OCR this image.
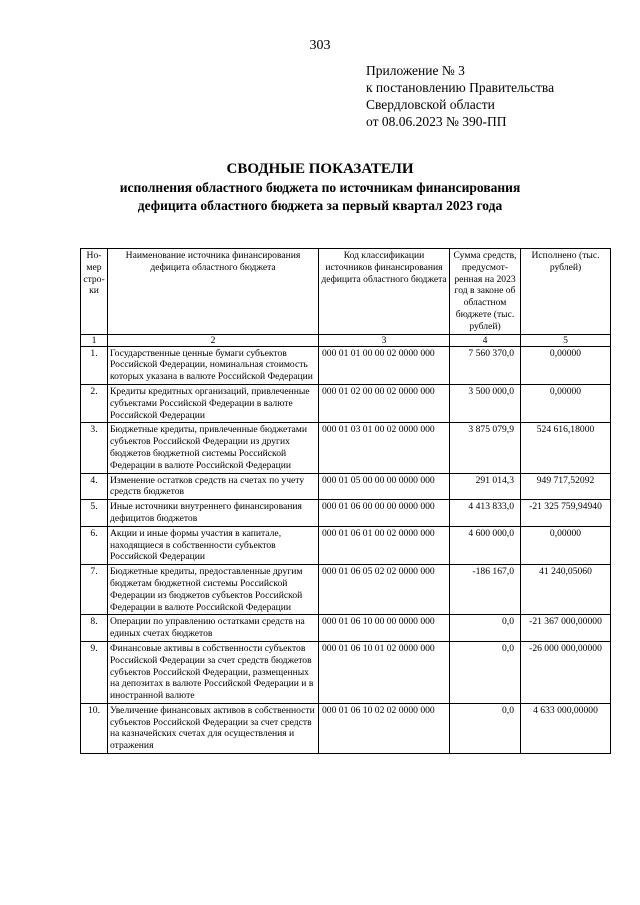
303
Приложение № 3
к постановлению Правительства
Свердловской области
от 08.06.2023 № 390-ПП
СВОДНЫЕ ПОКАЗАТЕЛИ
исполнения областного бюджета по источникам финансирования
дефицита областного бюджета за первый квартал 2023 года
Но-мер стро-ки	Наименование источника финансирования дефицита областного бюджета	Код классификации источников финансирования дефицита областного бюджета	Сумма средств, предусмот-ренная на 2023 год в законе об областном бюджете (тыс. рублей)	Исполнено (тыс. рублей)
1	2	3	4	5
1.	Государственные ценные бумаги субъектов Российской Федерации, номинальная стоимость которых указана в валюте Российской Федерации	000 01 01 00 00 02 0000 000	7 560 370,0	0,00000
2.	Кредиты кредитных организаций, привлеченные субъектами Российской Федерации в валюте Российской Федерации	000 01 02 00 00 02 0000 000	3 500 000,0	0,00000
3.	Бюджетные кредиты, привлеченные бюджетами субъектов Российской Федерации из других бюджетов бюджетной системы Российской Федерации в валюте Российской Федерации	000 01 03 01 00 02 0000 000	3 875 079,9	524 616,18000
4.	Изменение остатков средств на счетах по учету средств бюджетов	000 01 05 00 00 00 0000 000	291 014,3	949 717,52092
5.	Иные источники внутреннего финансирования дефицитов бюджетов	000 01 06 00 00 00 0000 000	4 413 833,0	-21 325 759,94940
6.	Акции и иные формы участия в капитале, находящиеся в собственности субъектов Российской Федерации	000 01 06 01 00 02 0000 000	4 600 000,0	0,00000
7.	Бюджетные кредиты, предоставленные другим бюджетам бюджетной системы Российской Федерации из бюджетов субъектов Российской Федерации в валюте Российской Федерации	000 01 06 05 02 02 0000 000	-186 167,0	41 240,05060
8.	Операции по управлению остатками средств на единых счетах бюджетов	000 01 06 10 00 00 0000 000	0,0	-21 367 000,00000
9.	Финансовые активы в собственности субъектов Российской Федерации за счет средств бюджетов субъектов Российской Федерации, размещенных на депозитах в валюте Российской Федерации и в иностранной валюте	000 01 06 10 01 02 0000 000	0,0	-26 000 000,00000
10.	Увеличение финансовых активов в собственности субъектов Российской Федерации за счет средств на казначейских счетах для осуществления и отражения	000 01 06 10 02 02 0000 000	0,0	4 633 000,00000
